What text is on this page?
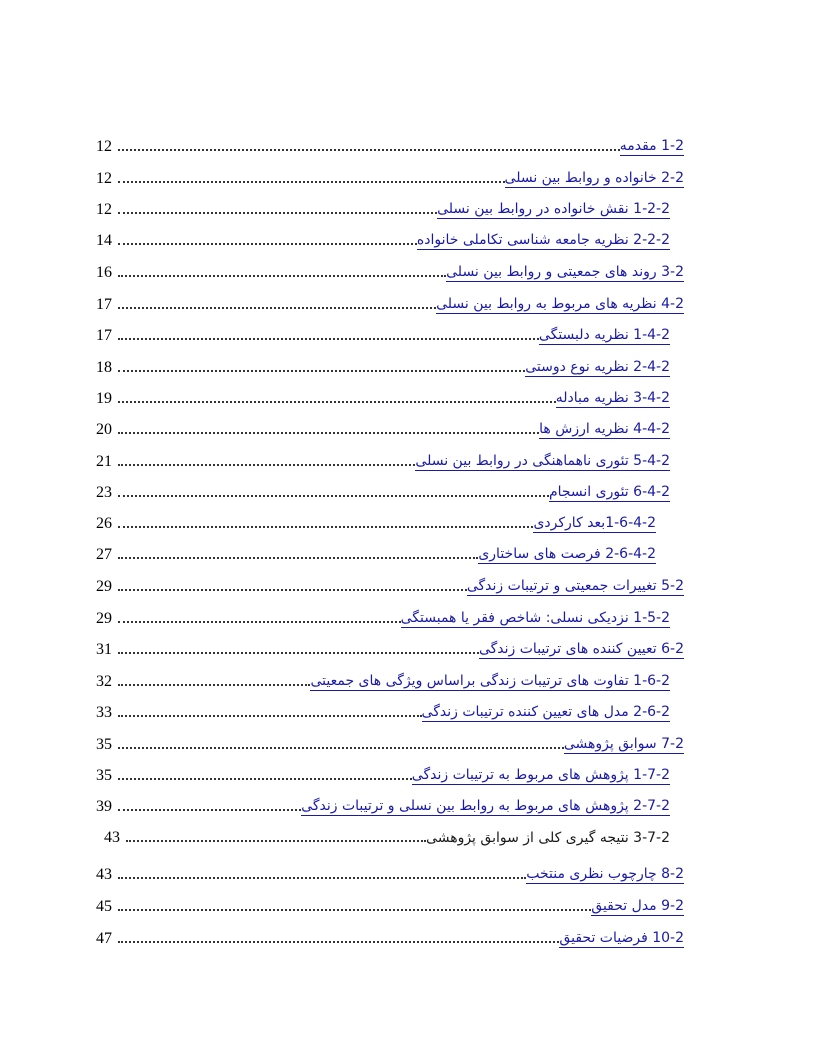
12	1-2 مقدمه
12	2-2 خانواده و روابط بین نسلی
12	1-2-2 نقش خانواده در روابط بین نسلی
14	2-2-2 نظریه جامعه شناسی تکاملی خانواده
16	3-2 روند های جمعیتی و روابط بین نسلی
17	4-2 نظریه های مربوط به روابط بین نسلی
17	1-4-2 نظریه دلبستگی
18	2-4-2 نظریه نوع دوستی
19	3-4-2 نظریه مبادله
20	4-4-2 نظریه ارزش ها
21	5-4-2 تئوری ناهماهنگی در روابط بین نسلی
23	6-4-2 تئوری انسجام
26	1-6-4-2بعد کارکردی
27	2-6-4-2 فرصت های ساختاری
29	5-2 تغییرات جمعیتی و ترتیبات زندگی
29	1-5-2 نزدیکی نسلی: شاخص فقر یا همبستگی
31	6-2 تعیین کننده های ترتیبات زندگی
32	1-6-2 تفاوت های ترتیبات زندگی براساس ویژگی های جمعیتی
33	2-6-2 مدل های تعیین کننده ترتیبات زندگی
35	7-2 سوابق پژوهشی
35	1-7-2 پژوهش های مربوط به ترتیبات زندگی
39	2-7-2 پژوهش های مربوط به روابط بین نسلی و ترتیبات زندگی
43	3-7-2 نتیجه گیری کلی از سوابق پژوهشی
43	8-2 چارچوب نظری منتخب
45	9-2 مدل تحقیق
47	10-2 فرضیات تحقیق
